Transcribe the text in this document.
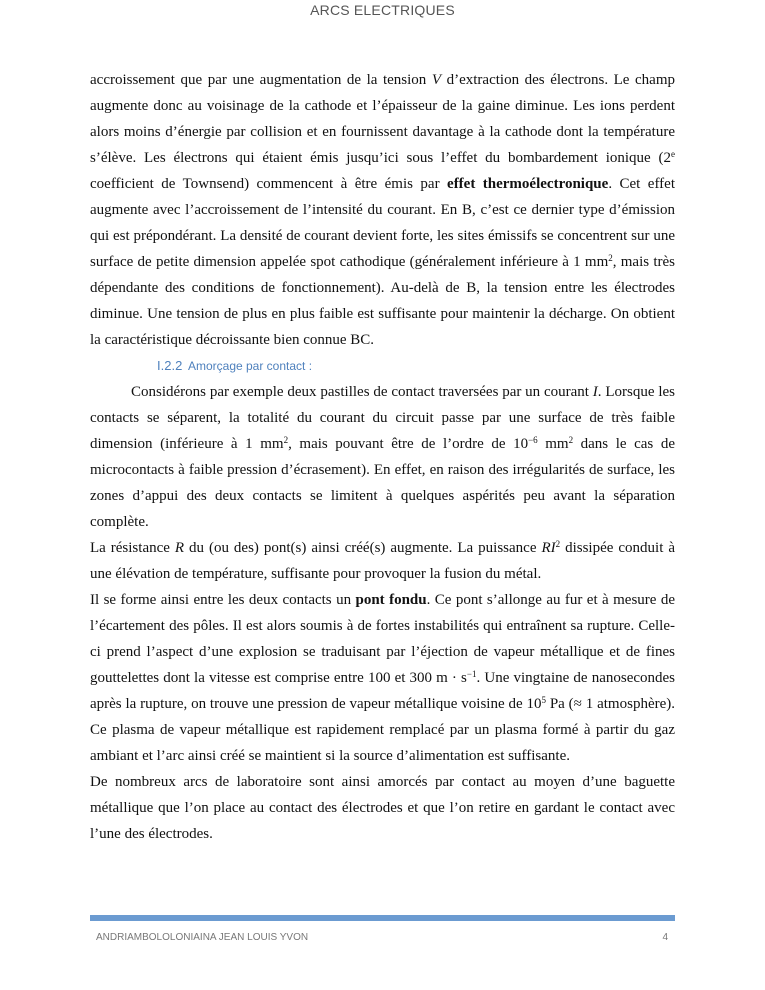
ARCS ELECTRIQUES

accroissement que par une augmentation de la tension V d’extraction des électrons. Le champ augmente donc au voisinage de la cathode et l’épaisseur de la gaine diminue. Les ions perdent alors moins d’énergie par collision et en fournissent davantage à la cathode dont la température s’élève. Les électrons qui étaient émis jusqu’ici sous l’effet du bombardement ionique (2e coefficient de Townsend) commencent à être émis par effet thermoélectronique. Cet effet augmente avec l’accroissement de l’intensité du courant. En B, c’est ce dernier type d’émission qui est prépondérant. La densité de courant devient forte, les sites émissifs se concentrent sur une surface de petite dimension appelée spot cathodique (généralement inférieure à 1 $mm^2$, mais très dépendante des conditions de fonctionnement). Au-delà de B, la tension entre les électrodes diminue. Une tension de plus en plus faible est suffisante pour maintenir la décharge. On obtient la caractéristique décroissante bien connue BC.

I.2.2 Amorçage par contact :

Considérons par exemple deux pastilles de contact traversées par un courant I. Lorsque les contacts se séparent, la totalité du courant du circuit passe par une surface de très faible dimension (inférieure à 1 $mm^2$, mais pouvant être de l’ordre de $10^{-6}$ $mm^2$ dans le cas de microcontacts à faible pression d’écrasement). En effet, en raison des irrégularités de surface, les zones d’appui des deux contacts se limitent à quelques aspérités peu avant la séparation complète.

La résistance R du (ou des) pont(s) ainsi créé(s) augmente. La puissance $RI^2$ dissipée conduit à une élévation de température, suffisante pour provoquer la fusion du métal.

Il se forme ainsi entre les deux contacts un pont fondu. Ce pont s’allonge au fur et à mesure de l’écartement des pôles. Il est alors soumis à de fortes instabilités qui entraînent sa rupture. Celle-ci prend l’aspect d’une explosion se traduisant par l’éjection de vapeur métallique et de fines gouttelettes dont la vitesse est comprise entre 100 et 300 $m \cdot s^{-1}$. Une vingtaine de nanosecondes après la rupture, on trouve une pression de vapeur métallique voisine de $10^5$ Pa (≈ 1 atmosphère). Ce plasma de vapeur métallique est rapidement remplacé par un plasma formé à partir du gaz ambiant et l’arc ainsi créé se maintient si la source d’alimentation est suffisante.

De nombreux arcs de laboratoire sont ainsi amorcés par contact au moyen d’une baguette métallique que l’on place au contact des électrodes et que l’on retire en gardant le contact avec l’une des électrodes.

ANDRIAMBOLOLONIAINA JEAN LOUIS YVON	4
